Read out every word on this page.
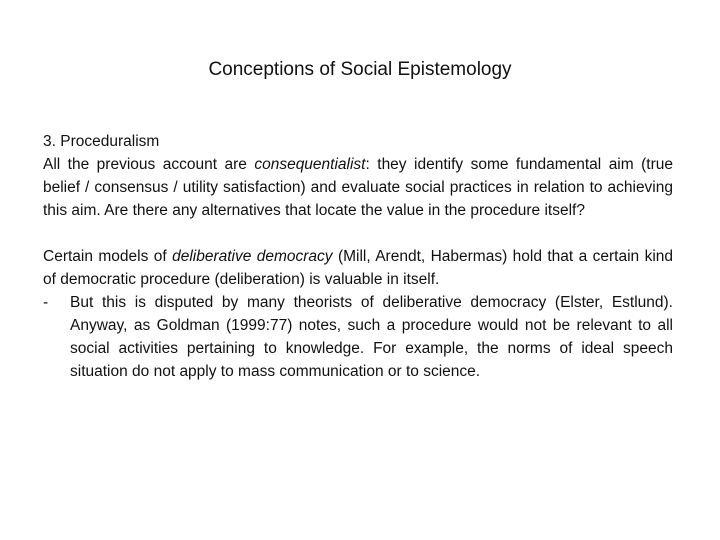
Conceptions of Social Epistemology

3. Proceduralism

All the previous account are consequentialist: they identify some fundamental aim (true belief / consensus / utility satisfaction) and evaluate social practices in relation to achieving this aim. Are there any alternatives that locate the value in the procedure itself?

Certain models of deliberative democracy (Mill, Arendt, Habermas) hold that a certain kind of democratic procedure (deliberation) is valuable in itself.

-	But this is disputed by many theorists of deliberative democracy (Elster, Estlund). Anyway, as Goldman (1999:77) notes, such a procedure would not be relevant to all social activities pertaining to knowledge. For example, the norms of ideal speech situation do not apply to mass communication or to science.
